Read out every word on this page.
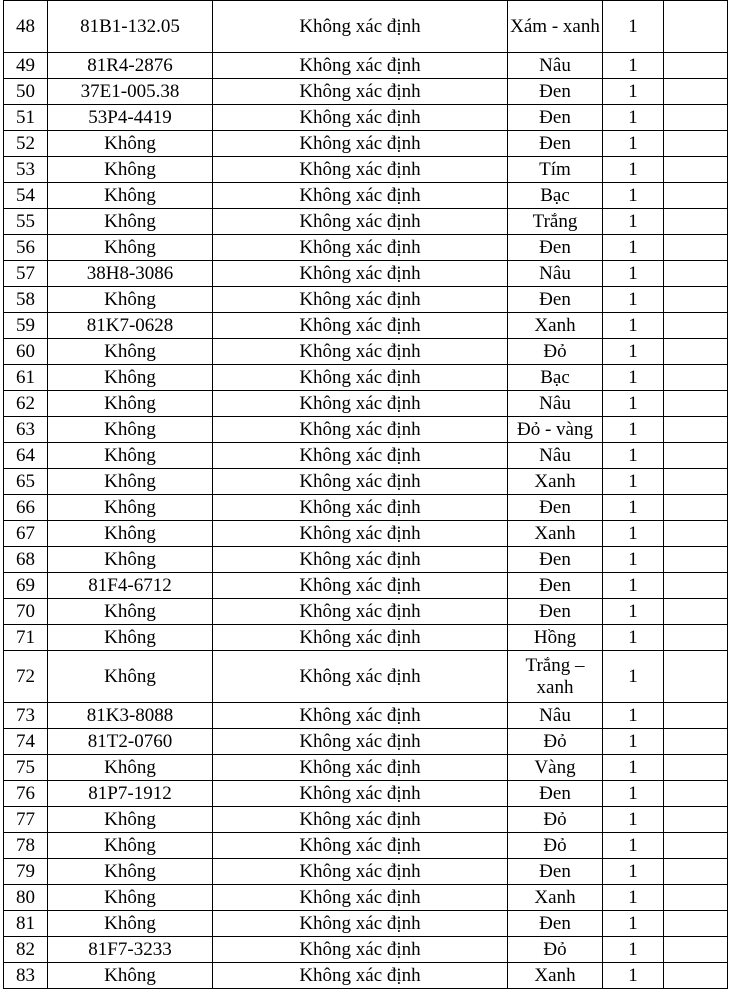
48	81B1-132.05	Không xác định	Xám - xanh	1	
49	81R4-2876	Không xác định	Nâu	1	
50	37E1-005.38	Không xác định	Đen	1	
51	53P4-4419	Không xác định	Đen	1	
52	Không	Không xác định	Đen	1	
53	Không	Không xác định	Tím	1	
54	Không	Không xác định	Bạc	1	
55	Không	Không xác định	Trắng	1	
56	Không	Không xác định	Đen	1	
57	38H8-3086	Không xác định	Nâu	1	
58	Không	Không xác định	Đen	1	
59	81K7-0628	Không xác định	Xanh	1	
60	Không	Không xác định	Đỏ	1	
61	Không	Không xác định	Bạc	1	
62	Không	Không xác định	Nâu	1	
63	Không	Không xác định	Đỏ - vàng	1	
64	Không	Không xác định	Nâu	1	
65	Không	Không xác định	Xanh	1	
66	Không	Không xác định	Đen	1	
67	Không	Không xác định	Xanh	1	
68	Không	Không xác định	Đen	1	
69	81F4-6712	Không xác định	Đen	1	
70	Không	Không xác định	Đen	1	
71	Không	Không xác định	Hồng	1	
72	Không	Không xác định	Trắng – xanh	1	
73	81K3-8088	Không xác định	Nâu	1	
74	81T2-0760	Không xác định	Đỏ	1	
75	Không	Không xác định	Vàng	1	
76	81P7-1912	Không xác định	Đen	1	
77	Không	Không xác định	Đỏ	1	
78	Không	Không xác định	Đỏ	1	
79	Không	Không xác định	Đen	1	
80	Không	Không xác định	Xanh	1	
81	Không	Không xác định	Đen	1	
82	81F7-3233	Không xác định	Đỏ	1	
83	Không	Không xác định	Xanh	1	
